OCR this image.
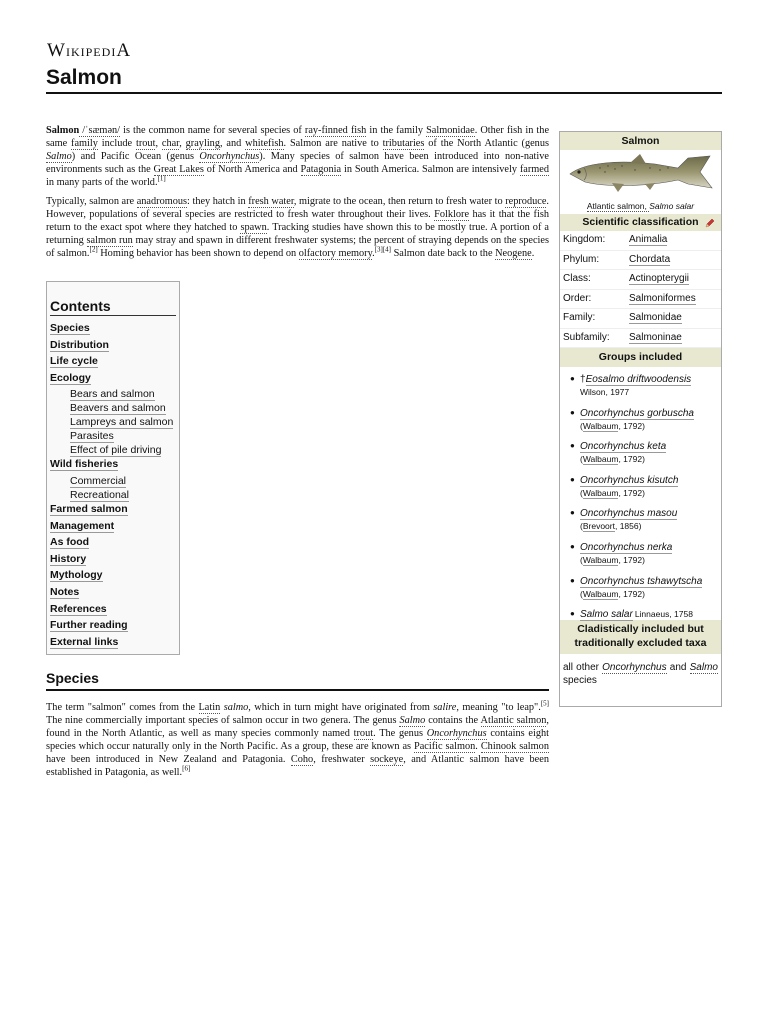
WikipediA
Salmon
Salmon /ˈsæmən/ is the common name for several species of ray-finned fish in the family Salmonidae. Other fish in the same family include trout, char, grayling, and whitefish. Salmon are native to tributaries of the North Atlantic (genus Salmo) and Pacific Ocean (genus Oncorhynchus). Many species of salmon have been introduced into non-native environments such as the Great Lakes of North America and Patagonia in South America. Salmon are intensively farmed in many parts of the world.[1]
Typically, salmon are anadromous: they hatch in fresh water, migrate to the ocean, then return to fresh water to reproduce. However, populations of several species are restricted to fresh water throughout their lives. Folklore has it that the fish return to the exact spot where they hatched to spawn. Tracking studies have shown this to be mostly true. A portion of a returning salmon run may stray and spawn in different freshwater systems; the percent of straying depends on the species of salmon.[2] Homing behavior has been shown to depend on olfactory memory.[3][4] Salmon date back to the Neogene.
Contents
Species
Distribution
Life cycle
Ecology
Bears and salmon
Beavers and salmon
Lampreys and salmon
Parasites
Effect of pile driving
Wild fisheries
Commercial
Recreational
Farmed salmon
Management
As food
History
Mythology
Notes
References
Further reading
External links
Species
The term "salmon" comes from the Latin salmo, which in turn might have originated from salire, meaning "to leap".[5] The nine commercially important species of salmon occur in two genera. The genus Salmo contains the Atlantic salmon, found in the North Atlantic, as well as many species commonly named trout. The genus Oncorhynchus contains eight species which occur naturally only in the North Pacific. As a group, these are known as Pacific salmon. Chinook salmon have been introduced in New Zealand and Patagonia. Coho, freshwater sockeye, and Atlantic salmon have been established in Patagonia, as well.[6]
Salmon
Atlantic salmon, Salmo salar
Scientific classification
Kingdom:	Animalia
Phylum:	Chordata
Class:	Actinopterygii
Order:	Salmoniformes
Family:	Salmonidae
Subfamily:	Salmoninae
Groups included
● †Eosalmo driftwoodensis
Wilson, 1977
● Oncorhynchus gorbuscha
(Walbaum, 1792)
● Oncorhynchus keta
(Walbaum, 1792)
● Oncorhynchus kisutch
(Walbaum, 1792)
● Oncorhynchus masou
(Brevoort, 1856)
● Oncorhynchus nerka
(Walbaum, 1792)
● Oncorhynchus tshawytscha
(Walbaum, 1792)
● Salmo salar Linnaeus, 1758
Cladistically included but traditionally excluded taxa
all other Oncorhynchus and Salmo species
